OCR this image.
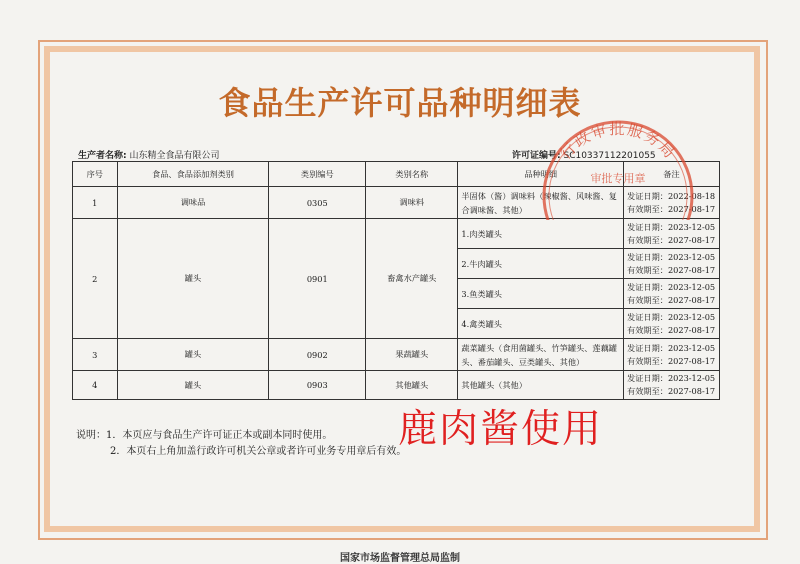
食品生产许可品种明细表
生产者名称: 山东精全食品有限公司	许可证编号: SC10337112201055
序号	食品、食品添加剂类别	类别编号	类别名称	品种明细	备注
1	调味品	0305	调味料	半固体（酱）调味料（辣椒酱、风味酱、复合调味酱、其他）	发证日期：2022-08-18
有效期至：2027-08-17

2	罐头	0901	畜禽水产罐头	1.肉类罐头	发证日期：2023-12-05
有效期至：2027-08-17

				2.牛肉罐头	发证日期：2023-12-05
有效期至：2027-08-17

				3.鱼类罐头	发证日期：2023-12-05
有效期至：2027-08-17

				4.禽类罐头	发证日期：2023-12-05
有效期至：2027-08-17

3	罐头	0902	果蔬罐头	蔬菜罐头（食用菌罐头、竹笋罐头、莲藕罐头、番茄罐头、豆类罐头、其他）	发证日期：2023-12-05
有效期至：2027-08-17

4	罐头	0903	其他罐头	其他罐头（其他）	发证日期：2023-12-05
有效期至：2027-08-17
行政审批服务局
审批专用章
说明：1．本页应与食品生产许可证正本或副本同时使用。
2．本页右上角加盖行政许可机关公章或者许可业务专用章后有效。
鹿肉酱使用
国家市场监督管理总局监制
